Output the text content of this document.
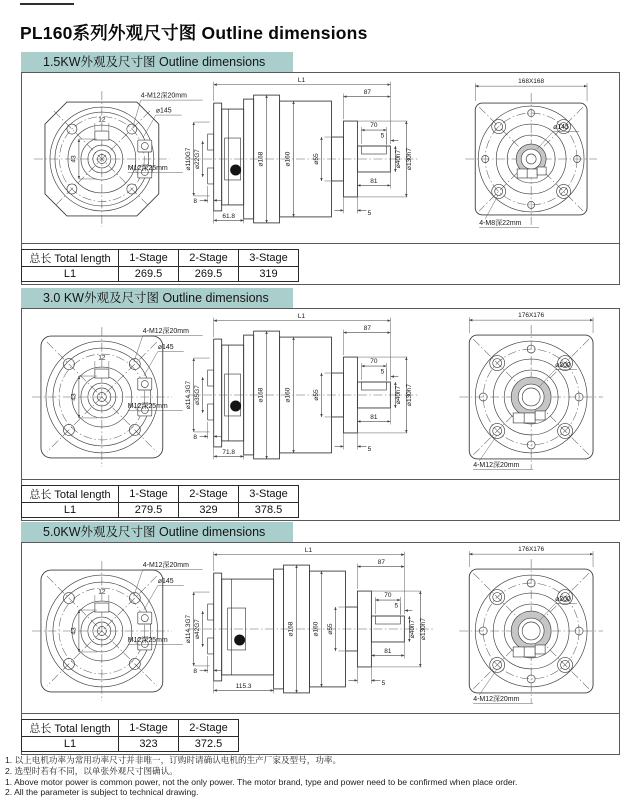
PL160系列外观尺寸图 Outline dimensions
1.5KW外观及尺寸图 Outline dimensions
12
43
4-M12深20mm
⌀145
M12深25mm
L1
87
⌀110G7 ⌀22G7
8
⌀168	⌀160	⌀55
70
5
81
⌀40h7 ⌀130h7
61.8	5
168X168
⌀145
4-M8深22mm
总长 Total length	1-Stage	2-Stage	3-Stage
L1	269.5	269.5	319
3.0 KW外观及尺寸图 Outline dimensions
12
43
4-M12深20mm
⌀145
M12深25mm
L1
87
⌀114.3G7 ⌀35G7
8
⌀168	⌀160	⌀55
70
5
81
⌀40h7 ⌀130h7
71.8	5
176X176
⌀200
4-M12深20mm
总长 Total length	1-Stage	2-Stage	3-Stage
L1	279.5	329	378.5
5.0KW外观及尺寸图 Outline dimensions
12
43
4-M12深20mm
⌀145
M12深25mm
L1
87
⌀114.3G7 ⌀42G7
8
⌀168	⌀160 ⌀55
70
5
81
⌀40h7 ⌀130h7
115.3	5
176X176
⌀200
4-M12深20mm
总长 Total length	1-Stage	2-Stage
L1	323	372.5
1. 以上电机功率为常用功率尺寸并非唯一，订购时请确认电机的生产厂家及型号，功率。
2. 选型时若有不同，以单张外观尺寸图确认。
1. Above motor power is common power, not the only power. The motor brand, type and power need to be confirmed when place order.
2. All the parameter is subject to technical drawing.
